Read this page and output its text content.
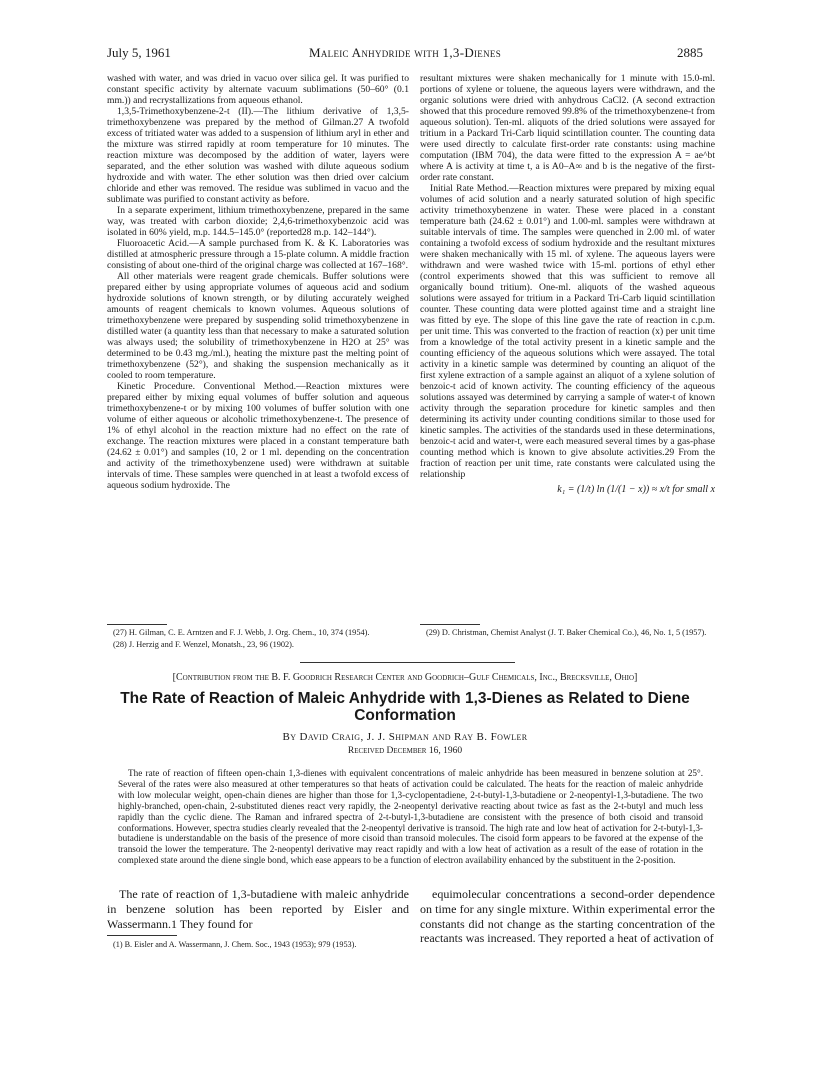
July 5, 1961	Maleic Anhydride with 1,3-Dienes	2885

washed with water, and was dried in vacuo over silica gel. It was purified to constant specific activity by alternate vacuum sublimations (50–60° (0.1 mm.)) and recrystallizations from aqueous ethanol.

1,3,5-Trimethoxybenzene-2-t (II).—The lithium derivative of 1,3,5-trimethoxybenzene was prepared by the method of Gilman.27 A twofold excess of tritiated water was added to a suspension of lithium aryl in ether and the mixture was stirred rapidly at room temperature for 10 minutes. The reaction mixture was decomposed by the addition of water, layers were separated, and the ether solution was washed with dilute aqueous sodium hydroxide and with water. The ether solution was then dried over calcium chloride and ether was removed. The residue was sublimed in vacuo and the sublimate was purified to constant activity as before.

In a separate experiment, lithium trimethoxybenzene, prepared in the same way, was treated with carbon dioxide; 2,4,6-trimethoxybenzoic acid was isolated in 60% yield, m.p. 144.5–145.0° (reported28 m.p. 142–144°).

Fluoroacetic Acid.—A sample purchased from K. & K. Laboratories was distilled at atmospheric pressure through a 15-plate column. A middle fraction consisting of about one-third of the original charge was collected at 167–168°.

All other materials were reagent grade chemicals. Buffer solutions were prepared either by using appropriate volumes of aqueous acid and sodium hydroxide solutions of known strength, or by diluting accurately weighed amounts of reagent chemicals to known volumes. Aqueous solutions of trimethoxybenzene were prepared by suspending solid trimethoxybenzene in distilled water (a quantity less than that necessary to make a saturated solution was always used; the solubility of trimethoxybenzene in H2O at 25° was determined to be 0.43 mg./ml.), heating the mixture past the melting point of trimethoxybenzene (52°), and shaking the suspension mechanically as it cooled to room temperature.

Kinetic Procedure. Conventional Method.—Reaction mixtures were prepared either by mixing equal volumes of buffer solution and aqueous trimethoxybenzene-t or by mixing 100 volumes of buffer solution with one volume of either aqueous or alcoholic trimethoxybenzene-t. The presence of 1% of ethyl alcohol in the reaction mixture had no effect on the rate of exchange. The reaction mixtures were placed in a constant temperature bath (24.62 ± 0.01°) and samples (10, 2 or 1 ml. depending on the concentration and activity of the trimethoxybenzene used) were withdrawn at suitable intervals of time. These samples were quenched in at least a twofold excess of aqueous sodium hydroxide. The

resultant mixtures were shaken mechanically for 1 minute with 15.0-ml. portions of xylene or toluene, the aqueous layers were withdrawn, and the organic solutions were dried with anhydrous CaCl2. (A second extraction showed that this procedure removed 99.8% of the trimethoxybenzene-t from aqueous solution). Ten-ml. aliquots of the dried solutions were assayed for tritium in a Packard Tri-Carb liquid scintillation counter. The counting data were used directly to calculate first-order rate constants: using machine computation (IBM 704), the data were fitted to the expression A = ae^bt where A is activity at time t, a is A0–A∞ and b is the negative of the first-order rate constant.

Initial Rate Method.—Reaction mixtures were prepared by mixing equal volumes of acid solution and a nearly saturated solution of high specific activity trimethoxybenzene in water. These were placed in a constant temperature bath (24.62 ± 0.01°) and 1.00-ml. samples were withdrawn at suitable intervals of time. The samples were quenched in 2.00 ml. of water containing a twofold excess of sodium hydroxide and the resultant mixtures were shaken mechanically with 15 ml. of xylene. The aqueous layers were withdrawn and were washed twice with 15-ml. portions of ethyl ether (control experiments showed that this was sufficient to remove all organically bound tritium). One-ml. aliquots of the washed aqueous solutions were assayed for tritium in a Packard Tri-Carb liquid scintillation counter. These counting data were plotted against time and a straight line was fitted by eye. The slope of this line gave the rate of reaction in c.p.m. per unit time. This was converted to the fraction of reaction (x) per unit time from a knowledge of the total activity present in a kinetic sample and the counting efficiency of the aqueous solutions which were assayed. The total activity in a kinetic sample was determined by counting an aliquot of the first xylene extraction of a sample against an aliquot of a xylene solution of benzoic-t acid of known activity. The counting efficiency of the aqueous solutions assayed was determined by carrying a sample of water-t of known activity through the separation procedure for kinetic samples and then determining its activity under counting conditions similar to those used for kinetic samples. The activities of the standards used in these determinations, benzoic-t acid and water-t, were each measured several times by a gas-phase counting method which is known to give absolute activities.29 From the fraction of reaction per unit time, rate constants were calculated using the relationship

k₁ = (1/t) ln (1/(1 − x)) ≈ x/t for small x

(27) H. Gilman, C. E. Arntzen and F. J. Webb, J. Org. Chem., 10, 374 (1954).

(28) J. Herzig and F. Wenzel, Monatsh., 23, 96 (1902).

(29) D. Christman, Chemist Analyst (J. T. Baker Chemical Co.), 46, No. 1, 5 (1957).

[Contribution from the B. F. Goodrich Research Center and Goodrich–Gulf Chemicals, Inc., Brecksville, Ohio]
The Rate of Reaction of Maleic Anhydride with 1,3-Dienes as Related to Diene Conformation
By David Craig, J. J. Shipman and Ray B. Fowler
Received December 16, 1960

The rate of reaction of fifteen open-chain 1,3-dienes with equivalent concentrations of maleic anhydride has been measured in benzene solution at 25°. Several of the rates were also measured at other temperatures so that heats of activation could be calculated. The heats for the reaction of maleic anhydride with low molecular weight, open-chain dienes are higher than those for 1,3-cyclopentadiene, 2-t-butyl-1,3-butadiene or 2-neopentyl-1,3-butadiene. The two highly-branched, open-chain, 2-substituted dienes react very rapidly, the 2-neopentyl derivative reacting about twice as fast as the 2-t-butyl and much less rapidly than the cyclic diene. The Raman and infrared spectra of 2-t-butyl-1,3-butadiene are consistent with the presence of both cisoid and transoid conformations. However, spectra studies clearly revealed that the 2-neopentyl derivative is transoid. The high rate and low heat of activation for 2-t-butyl-1,3-butadiene is understandable on the basis of the presence of more cisoid than transoid molecules. The cisoid form appears to be favored at the expense of the transoid the lower the temperature. The 2-neopentyl derivative may react rapidly and with a low heat of activation as a result of the ease of rotation in the complexed state around the diene single bond, which ease appears to be a function of electron availability enhanced by the substituent in the 2-position.

The rate of reaction of 1,3-butadiene with maleic anhydride in benzene solution has been reported by Eisler and Wassermann.1 They found for

(1) B. Eisler and A. Wassermann, J. Chem. Soc., 1943 (1953); 979 (1953).

equimolecular concentrations a second-order dependence on time for any single mixture. Within experimental error the constants did not change as the starting concentration of the reactants was increased. They reported a heat of activation of
